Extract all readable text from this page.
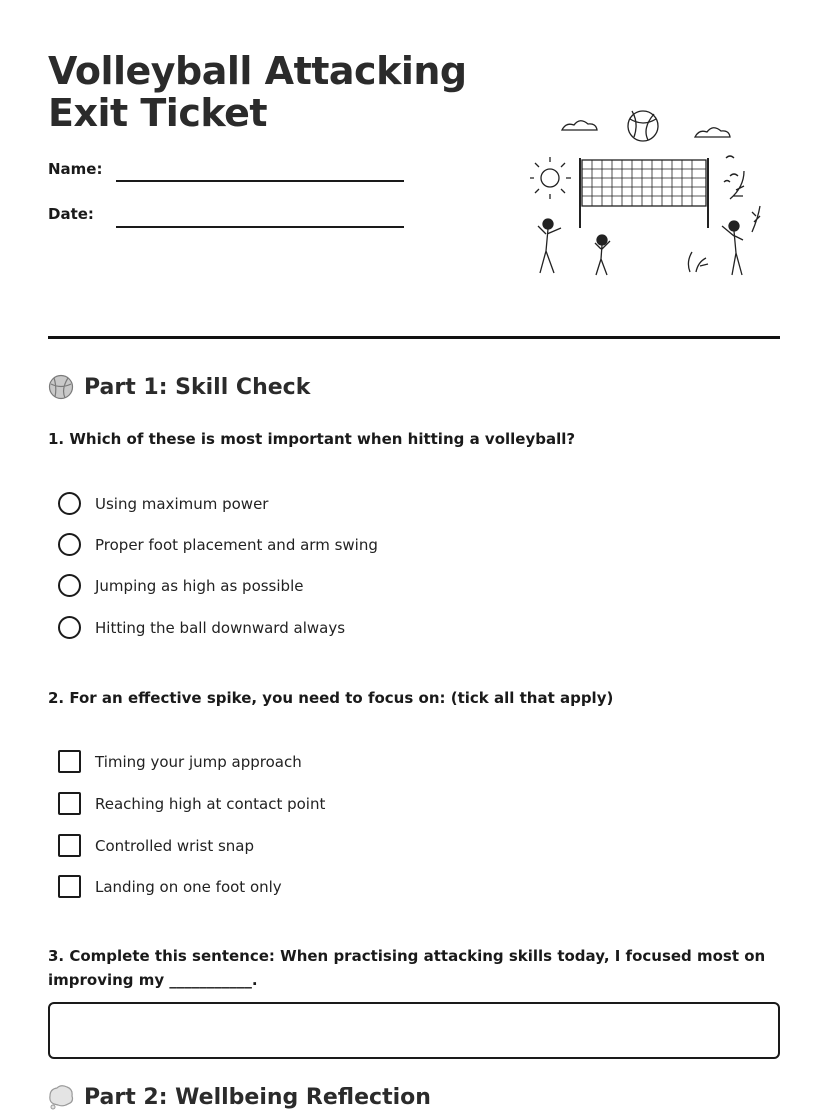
Volleyball Attacking Exit Ticket
Name:
Date:
Part 1: Skill Check
1. Which of these is most important when hitting a volleyball?
Using maximum power
Proper foot placement and arm swing
Jumping as high as possible
Hitting the ball downward always
2. For an effective spike, you need to focus on: (tick all that apply)
Timing your jump approach
Reaching high at contact point
Controlled wrist snap
Landing on one foot only
3. Complete this sentence: When practising attacking skills today, I focused most on improving my ___________.
Part 2: Wellbeing Reflection
